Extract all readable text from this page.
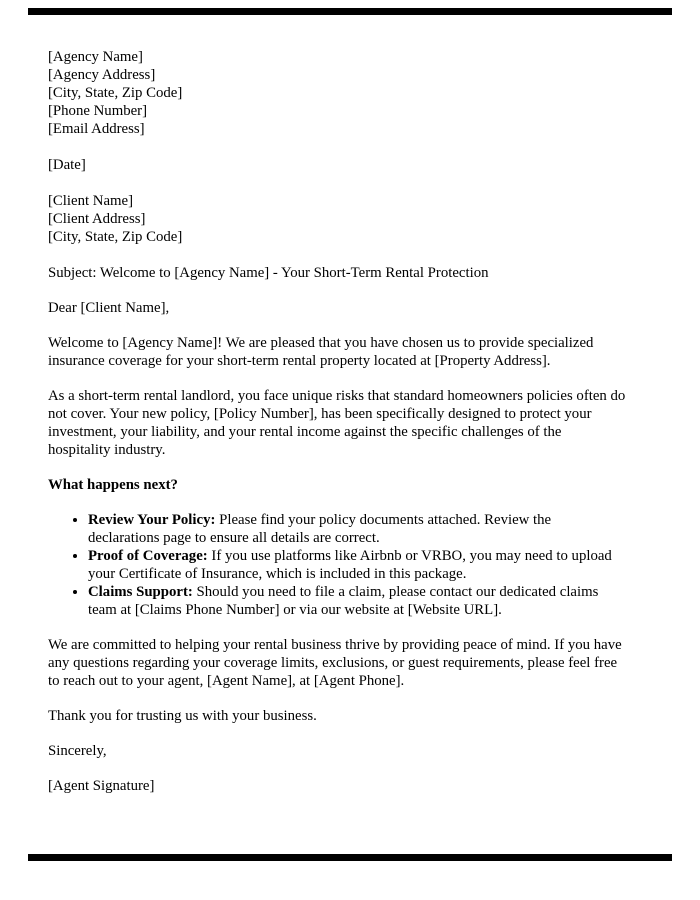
[Agency Name]
[Agency Address]
[City, State, Zip Code]
[Phone Number]
[Email Address]
[Date]
[Client Name]
[Client Address]
[City, State, Zip Code]

Subject: Welcome to [Agency Name] - Your Short-Term Rental Protection

Dear [Client Name],

Welcome to [Agency Name]! We are pleased that you have chosen us to provide specialized insurance coverage for your short-term rental property located at [Property Address].

As a short-term rental landlord, you face unique risks that standard homeowners policies often do not cover. Your new policy, [Policy Number], has been specifically designed to protect your investment, your liability, and your rental income against the specific challenges of the hospitality industry.

What happens next?
• Review Your Policy: Please find your policy documents attached. Review the declarations page to ensure all details are correct.
• Proof of Coverage: If you use platforms like Airbnb or VRBO, you may need to upload your Certificate of Insurance, which is included in this package.
• Claims Support: Should you need to file a claim, please contact our dedicated claims team at [Claims Phone Number] or via our website at [Website URL].

We are committed to helping your rental business thrive by providing peace of mind. If you have any questions regarding your coverage limits, exclusions, or guest requirements, please feel free to reach out to your agent, [Agent Name], at [Agent Phone].

Thank you for trusting us with your business.

Sincerely,

[Agent Signature]
